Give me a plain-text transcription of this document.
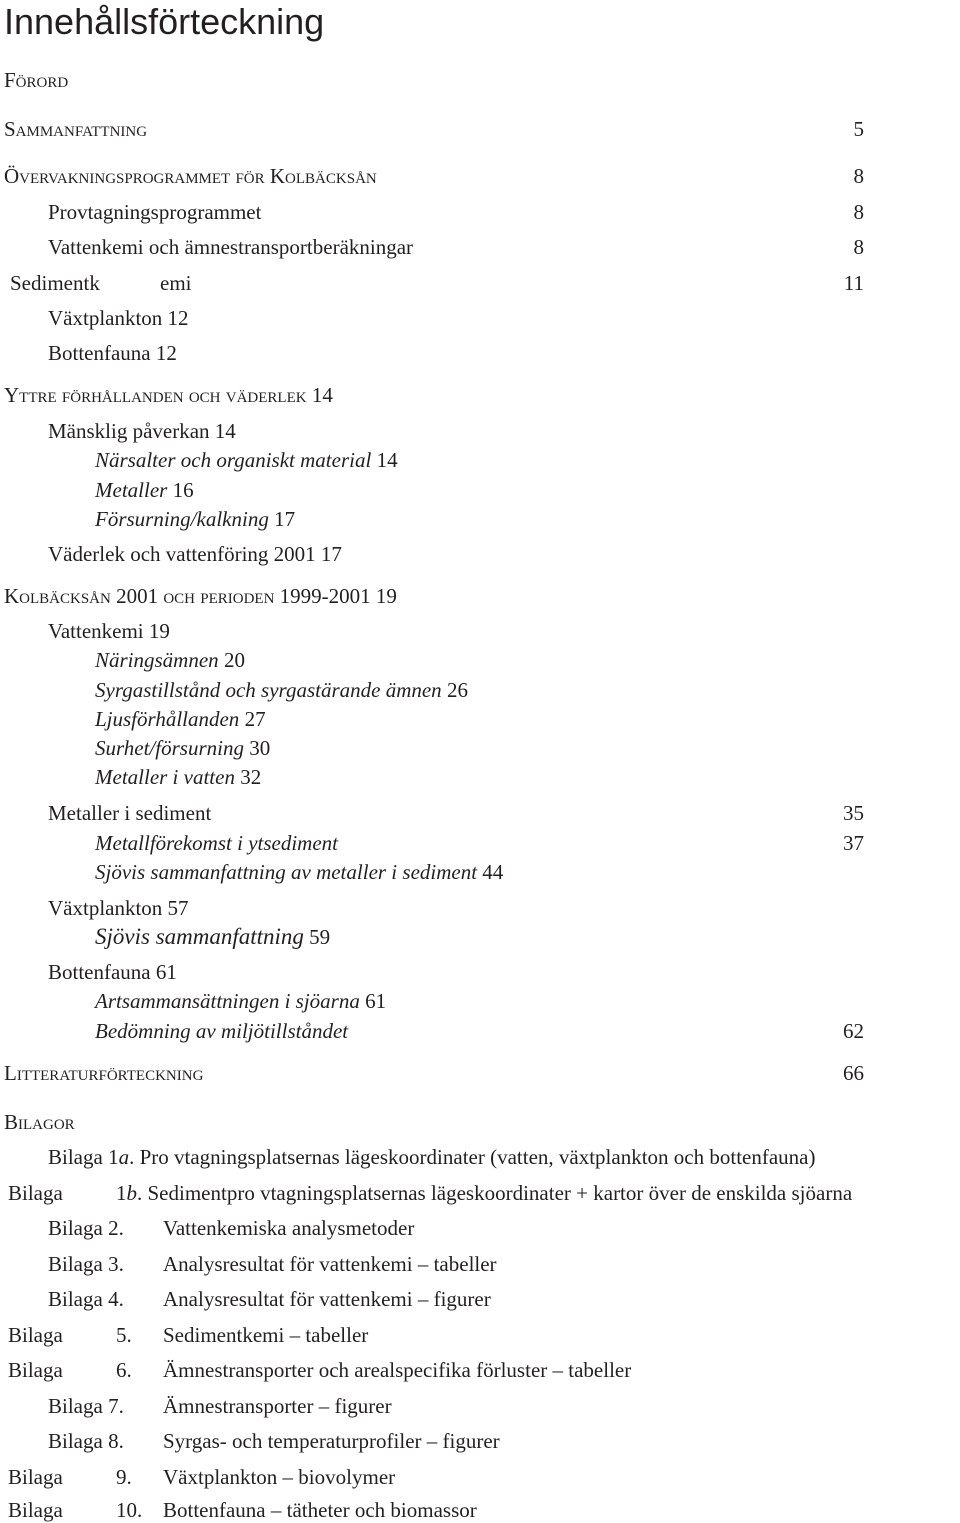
Innehållsförteckning
Förord
Sammanfattning	5
Övervakningsprogrammet för Kolbäcksån	8
Provtagningsprogrammet	8
Vattenkemi och ämnestransportberäkningar	8
Sedimentk	emi	11
Växtplankton 12
Bottenfauna 12
Yttre förhållanden och väderlek 14
Mänsklig påverkan 14
Närsalter och organiskt material 14
Metaller 16
Försurning/kalkning 17
Väderlek och vattenföring 2001 17
Kolbäcksån 2001 och perioden 1999-2001 19
Vattenkemi 19
Näringsämnen 20
Syrgastillstånd och syrgastärande ämnen 26
Ljusförhållanden 27
Surhet/försurning 30
Metaller i vatten 32
Metaller i sediment	35
Metallförekomst i ytsediment	37
Sjövis sammanfattning av metaller i sediment 44
Växtplankton 57
Sjövis sammanfattning 59
Bottenfauna 61
Artsammansättningen i sjöarna 61
Bedömning av miljötillståndet	62
Litteraturförteckning	66
Bilagor
Bilaga 1a. Pro vtagningsplatsernas lägeskoordinater (vatten, växtplankton och bottenfauna)
Bilaga	1b. Sedimentpro vtagningsplatsernas lägeskoordinater + kartor över de enskilda sjöarna
Bilaga 2. Vattenkemiska analysmetoder
Bilaga 3. Analysresultat för vattenkemi – tabeller
Bilaga 4. Analysresultat för vattenkemi – figurer
Bilaga	5. Sedimentkemi – tabeller
Bilaga	6. Ämnestransporter och arealspecifika förluster – tabeller
Bilaga 7. Ämnestransporter – figurer
Bilaga 8. Syrgas- och temperaturprofiler – figurer
Bilaga	9. Växtplankton – biovolymer
Bilaga	10. Bottenfauna – tätheter och biomassor
